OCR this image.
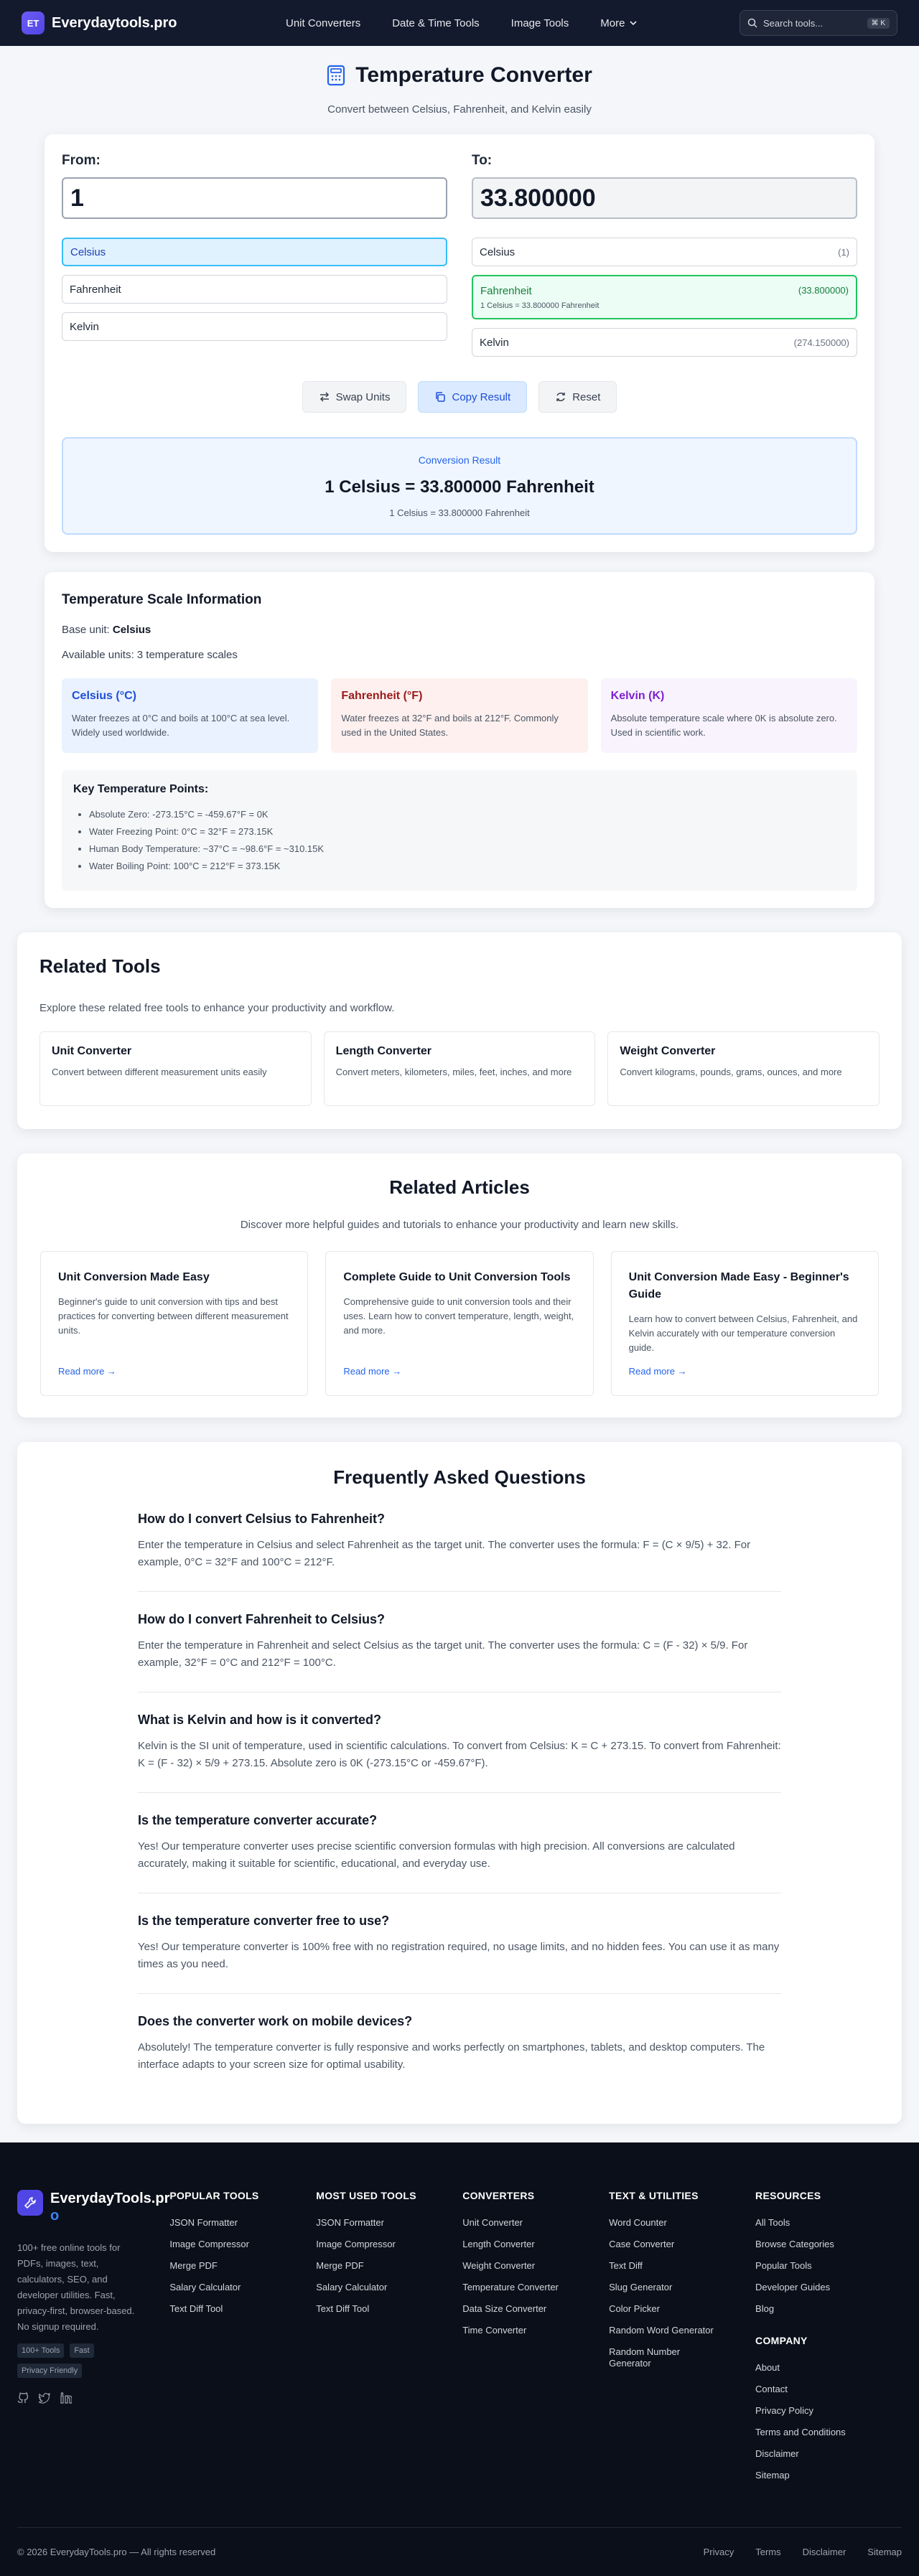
ET Everydaytools.pro	Unit Converters	Date & Time Tools	Image Tools	More	Search tools...	⌘ K
Temperature Converter

Convert between Celsius, Fahrenheit, and Kelvin easily

From:
1
Celsius
Fahrenheit
Kelvin
To:
33.800000
Celsius	(1)
Fahrenheit	(33.800000)
1 Celsius = 33.800000 Fahrenheit
Kelvin	(274.150000)
Swap Units	Copy Result	Reset
Conversion Result
1 Celsius = 33.800000 Fahrenheit
1 Celsius = 33.800000 Fahrenheit
Temperature Scale Information

Base unit: Celsius

Available units: 3 temperature scales

Celsius (°C)
Water freezes at 0°C and boils at 100°C at sea level. Widely used worldwide.
Fahrenheit (°F)
Water freezes at 32°F and boils at 212°F. Commonly used in the United States.
Kelvin (K)
Absolute temperature scale where 0K is absolute zero. Used in scientific work.
Key Temperature Points:
• Absolute Zero: -273.15°C = -459.67°F = 0K
• Water Freezing Point: 0°C = 32°F = 273.15K
• Human Body Temperature: ~37°C = ~98.6°F = ~310.15K
• Water Boiling Point: 100°C = 212°F = 373.15K
Related Tools

Explore these related free tools to enhance your productivity and workflow.

Unit Converter
Convert between different measurement units easily
Length Converter
Convert meters, kilometers, miles, feet, inches, and more
Weight Converter
Convert kilograms, pounds, grams, ounces, and more
Related Articles

Discover more helpful guides and tutorials to enhance your productivity and learn new skills.

Unit Conversion Made Easy
Beginner's guide to unit conversion with tips and best practices for converting between different measurement units.
Read more →
Complete Guide to Unit Conversion Tools
Comprehensive guide to unit conversion tools and their uses. Learn how to convert temperature, length, weight, and more.
Read more →
Unit Conversion Made Easy - Beginner's Guide
Learn how to convert between Celsius, Fahrenheit, and Kelvin accurately with our temperature conversion guide.
Read more →
Frequently Asked Questions
How do I convert Celsius to Fahrenheit?
Enter the temperature in Celsius and select Fahrenheit as the target unit. The converter uses the formula: F = (C × 9/5) + 32. For example, 0°C = 32°F and 100°C = 212°F.
How do I convert Fahrenheit to Celsius?
Enter the temperature in Fahrenheit and select Celsius as the target unit. The converter uses the formula: C = (F - 32) × 5/9. For example, 32°F = 0°C and 212°F = 100°C.
What is Kelvin and how is it converted?
Kelvin is the SI unit of temperature, used in scientific calculations. To convert from Celsius: K = C + 273.15. To convert from Fahrenheit: K = (F - 32) × 5/9 + 273.15. Absolute zero is 0K (-273.15°C or -459.67°F).
Is the temperature converter accurate?
Yes! Our temperature converter uses precise scientific conversion formulas with high precision. All conversions are calculated accurately, making it suitable for scientific, educational, and everyday use.
Is the temperature converter free to use?
Yes! Our temperature converter is 100% free with no registration required, no usage limits, and no hidden fees. You can use it as many times as you need.
Does the converter work on mobile devices?
Absolutely! The temperature converter is fully responsive and works perfectly on smartphones, tablets, and desktop computers. The interface adapts to your screen size for optimal usability.
EverydayTools.pr
o

100+ free online tools for PDFs, images, text, calculators, SEO, and developer utilities. Fast, privacy-first, browser-based. No signup required.

100+ Tools	Fast
Privacy Friendly
POPULAR TOOLS
JSON Formatter
Image Compressor
Merge PDF
Salary Calculator
Text Diff Tool
MOST USED TOOLS
JSON Formatter
Image Compressor
Merge PDF
Salary Calculator
Text Diff Tool
CONVERTERS
Unit Converter
Length Converter
Weight Converter
Temperature Converter
Data Size Converter
Time Converter
TEXT & UTILITIES
Word Counter
Case Converter
Text Diff
Slug Generator
Color Picker
Random Word Generator
Random Number Generator
RESOURCES
All Tools
Browse Categories
Popular Tools
Developer Guides
Blog
COMPANY
About
Contact
Privacy Policy
Terms and Conditions
Disclaimer
Sitemap
© 2026 EverydayTools.pro — All rights reserved	Privacy Terms Disclaimer Sitemap
